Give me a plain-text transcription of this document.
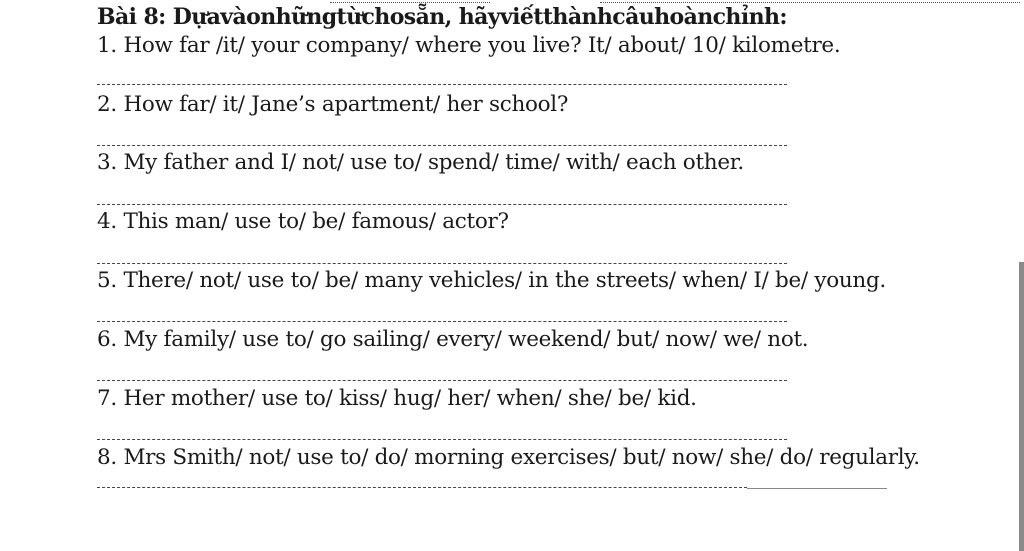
Bài 8: Dựavàonhữngtừchosẵn, hãyviếtthànhcâuhoànchỉnh:
1. How far /it/ your company/ where you live? It/ about/ 10/ kilometre.
2. How far/ it/ Jane’s apartment/ her school?
3. My father and I/ not/ use to/ spend/ time/ with/ each other.
4. This man/ use to/ be/ famous/ actor?
5. There/ not/ use to/ be/ many vehicles/ in the streets/ when/ I/ be/ young.
6. My family/ use to/ go sailing/ every/ weekend/ but/ now/ we/ not.
7. Her mother/ use to/ kiss/ hug/ her/ when/ she/ be/ kid.
8. Mrs Smith/ not/ use to/ do/ morning exercises/ but/ now/ she/ do/ regularly.
